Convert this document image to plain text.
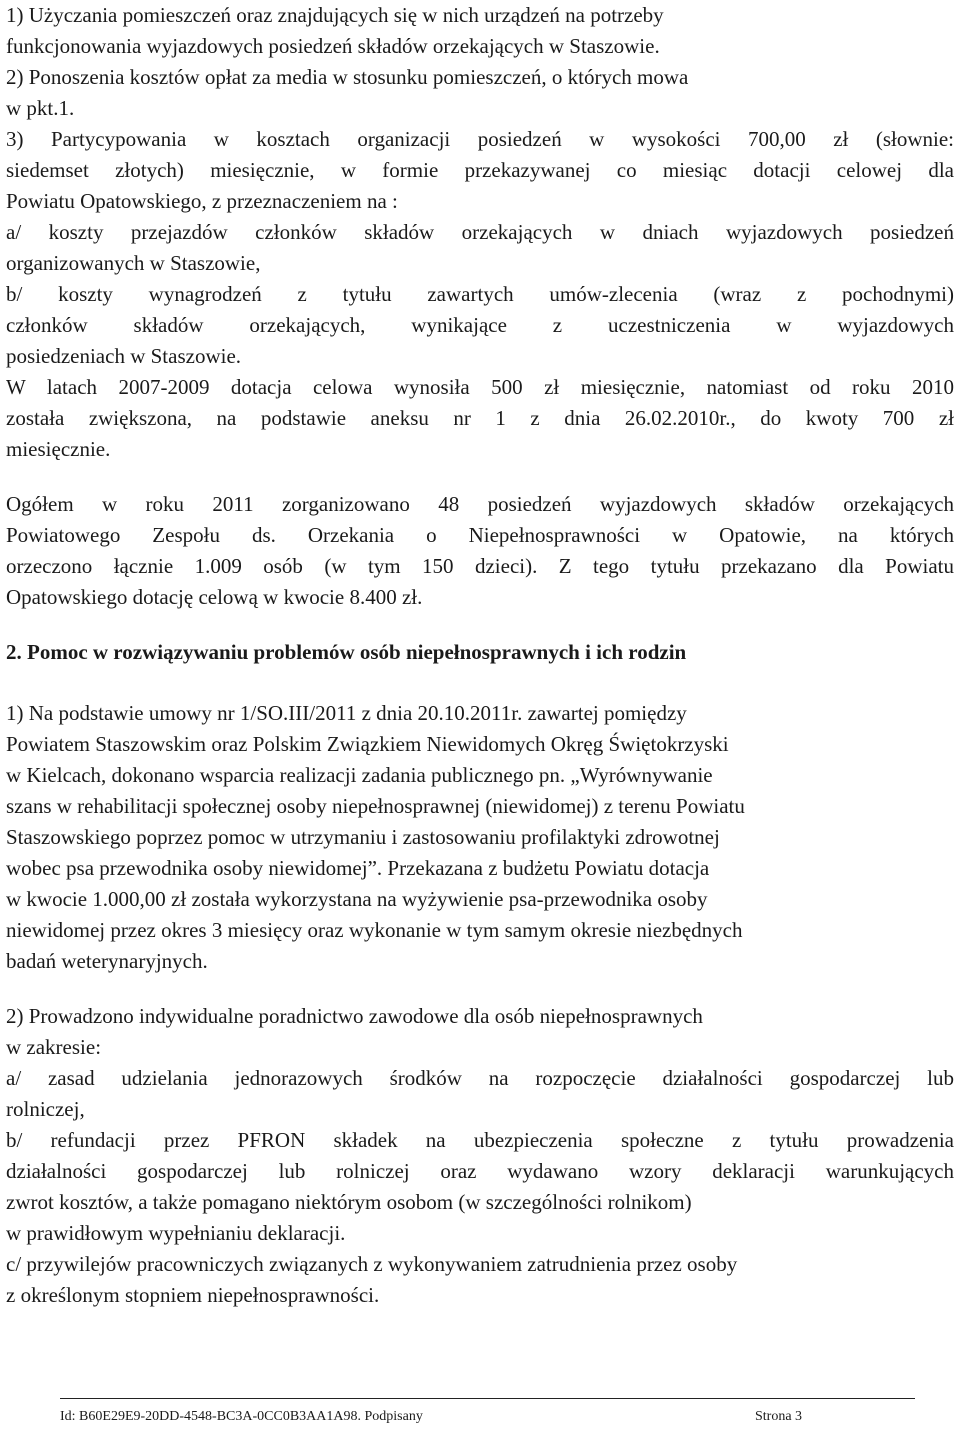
1) Użyczania pomieszczeń oraz znajdujących się w nich urządzeń na potrzeby
funkcjonowania wyjazdowych posiedzeń składów orzekających w Staszowie.
2) Ponoszenia kosztów opłat za media w stosunku pomieszczeń, o których mowa
w pkt.1.
3) Partycypowania w kosztach organizacji posiedzeń w wysokości 700,00 zł (słownie:
siedemset złotych) miesięcznie, w formie przekazywanej co miesiąc dotacji celowej dla
Powiatu Opatowskiego, z przeznaczeniem na :
a/ koszty przejazdów członków składów orzekających w dniach wyjazdowych posiedzeń
organizowanych w Staszowie,
b/ koszty wynagrodzeń z tytułu zawartych umów-zlecenia (wraz z pochodnymi)
członków składów orzekających, wynikające z uczestniczenia w wyjazdowych
posiedzeniach w Staszowie.
W latach 2007-2009 dotacja celowa wynosiła 500 zł miesięcznie, natomiast od roku 2010
została zwiększona, na podstawie aneksu nr 1 z dnia 26.02.2010r., do kwoty 700 zł
miesięcznie.
Ogółem w roku 2011 zorganizowano 48 posiedzeń wyjazdowych składów orzekających
Powiatowego Zespołu ds. Orzekania o Niepełnosprawności w Opatowie, na których
orzeczono łącznie 1.009 osób (w tym 150 dzieci). Z tego tytułu przekazano dla Powiatu
Opatowskiego dotację celową w kwocie 8.400 zł.
2. Pomoc w rozwiązywaniu problemów osób niepełnosprawnych i ich rodzin
1) Na podstawie umowy nr 1/SO.III/2011 z dnia 20.10.2011r. zawartej pomiędzy
Powiatem Staszowskim oraz Polskim Związkiem Niewidomych Okręg Świętokrzyski
w Kielcach, dokonano wsparcia realizacji zadania publicznego pn. „Wyrównywanie
szans w rehabilitacji społecznej osoby niepełnosprawnej (niewidomej) z terenu Powiatu
Staszowskiego poprzez pomoc w utrzymaniu i zastosowaniu profilaktyki zdrowotnej
wobec psa przewodnika osoby niewidomej”. Przekazana z budżetu Powiatu dotacja
w kwocie 1.000,00 zł została wykorzystana na wyżywienie psa-przewodnika osoby
niewidomej przez okres 3 miesięcy oraz wykonanie w tym samym okresie niezbędnych
badań weterynaryjnych.
2) Prowadzono indywidualne poradnictwo zawodowe dla osób niepełnosprawnych
w zakresie:
a/ zasad udzielania jednorazowych środków na rozpoczęcie działalności gospodarczej lub
rolniczej,
b/ refundacji przez PFRON składek na ubezpieczenia społeczne z tytułu prowadzenia
działalności gospodarczej lub rolniczej oraz wydawano wzory deklaracji warunkujących
zwrot kosztów, a także pomagano niektórym osobom (w szczególności rolnikom)
w prawidłowym wypełnianiu deklaracji.
c/ przywilejów pracowniczych związanych z wykonywaniem zatrudnienia przez osoby
z określonym stopniem niepełnosprawności.
Id: B60E29E9-20DD-4548-BC3A-0CC0B3AA1A98. Podpisany	Strona 3
